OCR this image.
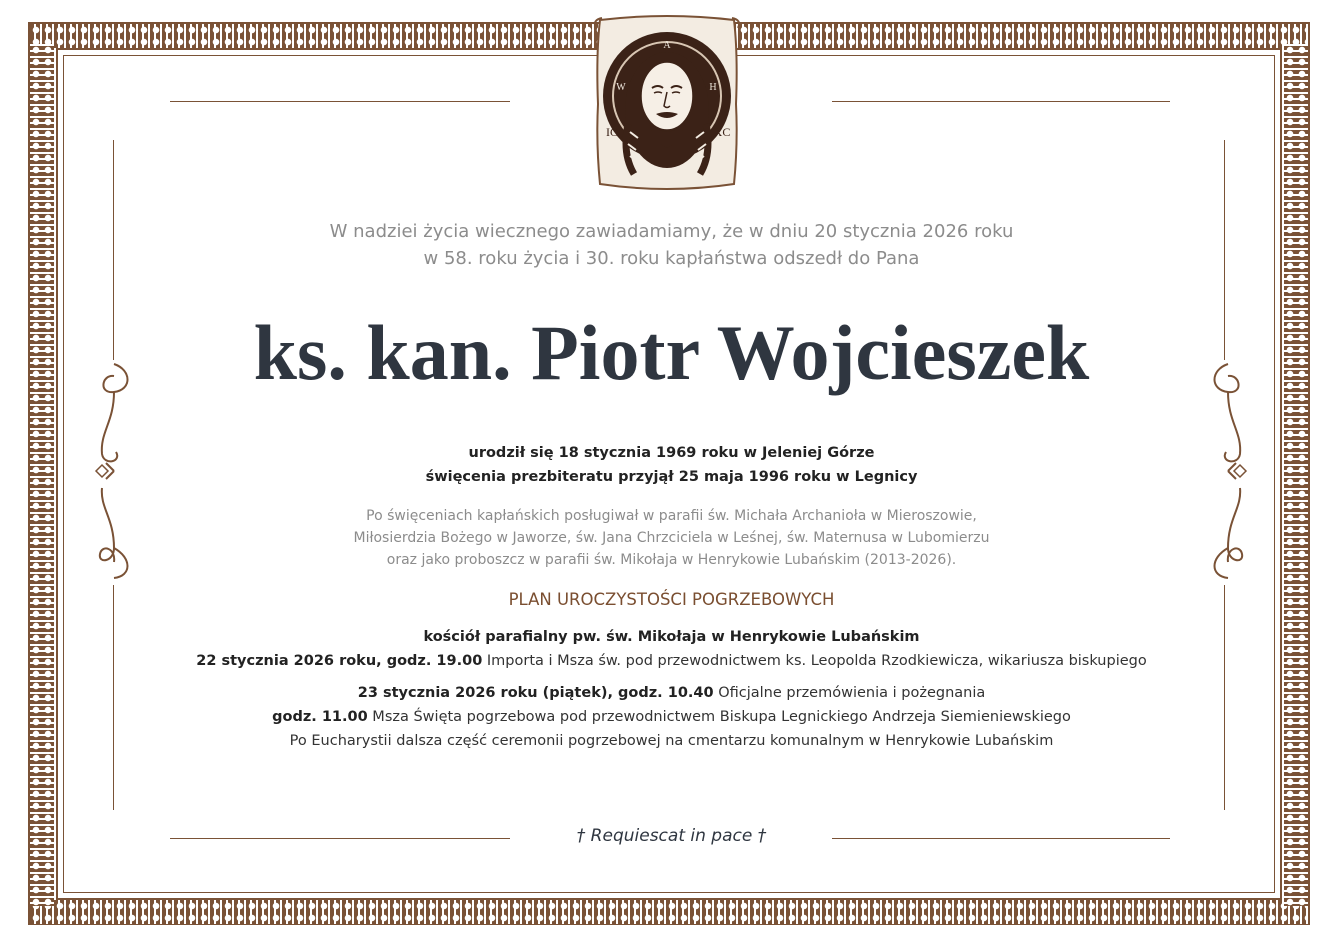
A
W	H
IC	XC
W nadziei życia wiecznego zawiadamiamy, że w dniu 20 stycznia 2026 roku
w 58. roku życia i 30. roku kapłaństwa odszedł do Pana
ks. kan. Piotr Wojcieszek
urodził się 18 stycznia 1969 roku w Jeleniej Górze
święcenia prezbiteratu przyjął 25 maja 1996 roku w Legnicy
Po święceniach kapłańskich posługiwał w parafii św. Michała Archanioła w Mieroszowie,
Miłosierdzia Bożego w Jaworze, św. Jana Chrzciciela w Leśnej, św. Maternusa w Lubomierzu
oraz jako proboszcz w parafii św. Mikołaja w Henrykowie Lubańskim (2013-2026).
PLAN UROCZYSTOŚCI POGRZEBOWYCH
kościół parafialny pw. św. Mikołaja w Henrykowie Lubańskim
22 stycznia 2026 roku, godz. 19.00 Importa i Msza św. pod przewodnictwem ks. Leopolda Rzodkiewicza, wikariusza biskupiego
23 stycznia 2026 roku (piątek), godz. 10.40 Oficjalne przemówienia i pożegnania
godz. 11.00 Msza Święta pogrzebowa pod przewodnictwem Biskupa Legnickiego Andrzeja Siemieniewskiego
Po Eucharystii dalsza część ceremonii pogrzebowej na cmentarzu komunalnym w Henrykowie Lubańskim
† Requiescat in pace †
